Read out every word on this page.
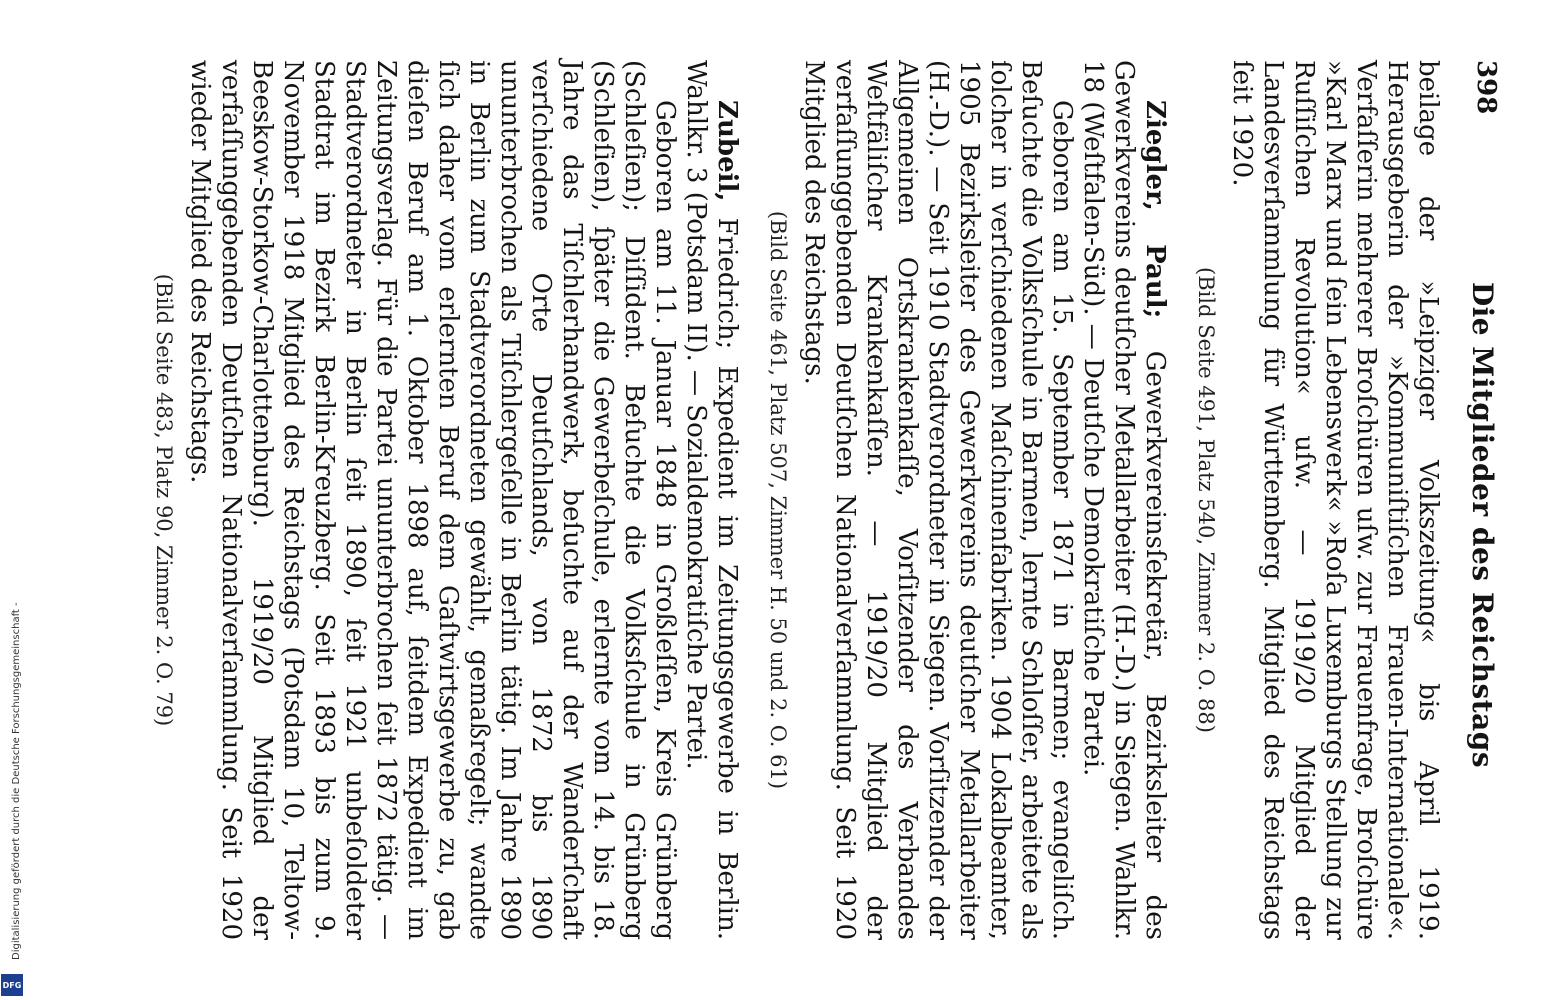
Digitalisierung gefördert durch die Deutsche Forschungsgemeinschaft -
DFG
398
Die Mitglieder des Reichstags

beilage der »Leipziger Volkszeitung« bis April 1919. Herausgeberin der »Kommuniſtiſchen Frauen-Internationale«. Verfaſſerin mehrerer Broſchüren uſw. zur Frauenfrage, Broſchüre »Karl Marx und ſein Lebenswerk« »Roſa Luxemburgs Stellung zur Ruſſiſchen Revolution« uſw. — 1919/20 Mitglied der Landesverſammlung für Württemberg. Mitglied des Reichstags ſeit 1920.

(Bild Seite 491, Platz 540, Zimmer 2. O. 88)

Ziegler, Paul; Gewerkvereinsſekretär, Bezirksleiter des Gewerkvereins deutſcher Metallarbeiter (H.-D.) in Siegen. Wahlkr. 18 (Weſtfalen-Süd). — Deutſche Demokratiſche Partei.

Geboren am 15. September 1871 in Barmen; evangeliſch. Beſuchte die Volksſchule in Barmen, lernte Schloſſer, arbeitete als ſolcher in verſchiedenen Maſchinenfabriken. 1904 Lokalbeamter, 1905 Bezirksleiter des Gewerkvereins deutſcher Metallarbeiter (H.-D.). — Seit 1910 Stadtverordneter in Siegen. Vorſitzender der Allgemeinen Ortskrankenkaſſe, Vorſitzender des Verbandes Weſtfäliſcher Krankenkaſſen. — 1919/20 Mitglied der verfaſſunggebenden Deutſchen Nationalverſammlung. Seit 1920 Mitglied des Reichstags.

(Bild Seite 461, Platz 507, Zimmer H. 50 und 2. O. 61)

Zubeil, Friedrich; Expedient im Zeitungsgewerbe in Berlin. Wahlkr. 3 (Potsdam II). — Sozialdemokratiſche Partei.

Geboren am 11. Januar 1848 in Großleſſen, Kreis Grünberg (Schleſien); Diſſident. Beſuchte die Volksſchule in Grünberg (Schleſien), ſpäter die Gewerbeſchule, erlernte vom 14. bis 18. Jahre das Tiſchlerhandwerk, beſuchte auf der Wanderſchaft verſchiedene Orte Deutſchlands, von 1872 bis 1890 ununterbrochen als Tiſchlergeſelle in Berlin tätig. Im Jahre 1890 in Berlin zum Stadtverordneten gewählt, gemaßregelt; wandte ſich daher vom erlernten Beruf dem Gaſtwirtsgewerbe zu, gab dieſen Beruf am 1. Oktober 1898 auf, ſeitdem Expedient im Zeitungsverlag. Für die Partei ununterbrochen ſeit 1872 tätig. — Stadtverordneter in Berlin ſeit 1890, ſeit 1921 unbeſoldeter Stadtrat im Bezirk Berlin-Kreuzberg. Seit 1893 bis zum 9. November 1918 Mitglied des Reichstags (Potsdam 10, Teltow-Beeskow-Storkow-Charlottenburg). 1919/20 Mitglied der verfaſſunggebenden Deutſchen Nationalverſammlung. Seit 1920 wieder Mitglied des Reichstags.

(Bild Seite 483, Platz 90, Zimmer 2. O. 79)
